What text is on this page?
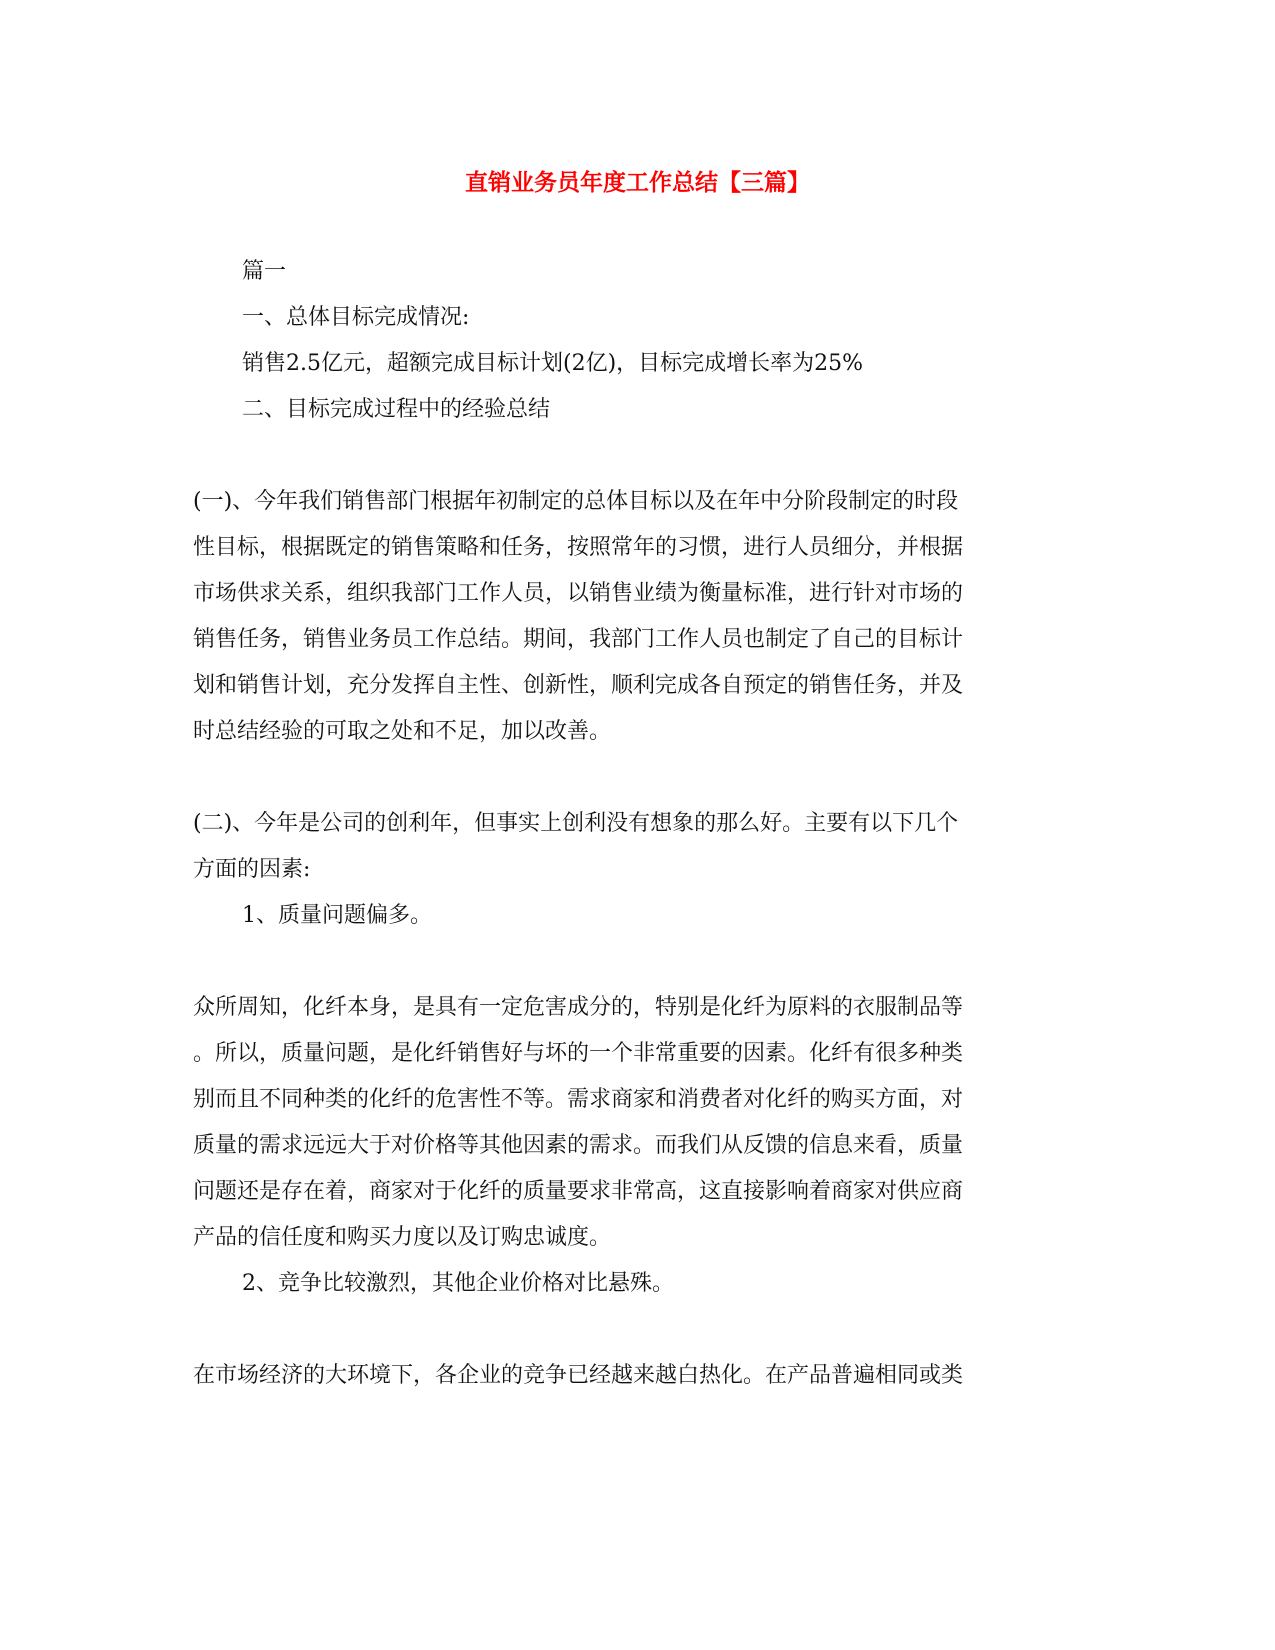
直销业务员年度工作总结【三篇】
篇一
一、总体目标完成情况:
销售2.5亿元，超额完成目标计划(2亿)，目标完成增长率为25%
二、目标完成过程中的经验总结
(一)、今年我们销售部门根据年初制定的总体目标以及在年中分阶段制定的时段
性目标，根据既定的销售策略和任务，按照常年的习惯，进行人员细分，并根据
市场供求关系，组织我部门工作人员，以销售业绩为衡量标准，进行针对市场的
销售任务，销售业务员工作总结。期间，我部门工作人员也制定了自己的目标计
划和销售计划，充分发挥自主性、创新性，顺利完成各自预定的销售任务，并及
时总结经验的可取之处和不足，加以改善。
(二)、今年是公司的创利年，但事实上创利没有想象的那么好。主要有以下几个
方面的因素:
1、质量问题偏多。
众所周知，化纤本身，是具有一定危害成分的，特别是化纤为原料的衣服制品等
。所以，质量问题，是化纤销售好与坏的一个非常重要的因素。化纤有很多种类
别而且不同种类的化纤的危害性不等。需求商家和消费者对化纤的购买方面，对
质量的需求远远大于对价格等其他因素的需求。而我们从反馈的信息来看，质量
问题还是存在着，商家对于化纤的质量要求非常高，这直接影响着商家对供应商
产品的信任度和购买力度以及订购忠诚度。
2、竞争比较激烈，其他企业价格对比悬殊。
在市场经济的大环境下，各企业的竞争已经越来越白热化。在产品普遍相同或类
